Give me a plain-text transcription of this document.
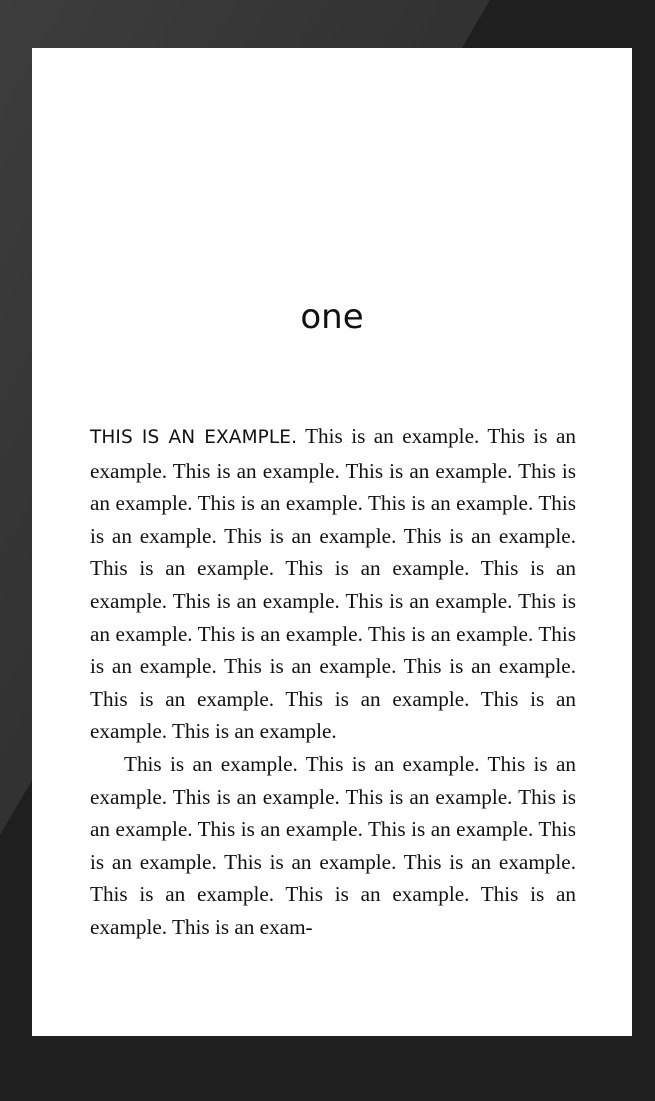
one

THIS IS AN EXAMPLE. This is an example. This is an example. This is an example. This is an example. This is an example. This is an example. This is an example. This is an example. This is an example. This is an example. This is an example. This is an example. This is an example. This is an example. This is an example. This is an example. This is an example. This is an example. This is an example. This is an example. This is an example. This is an example. This is an example. This is an example. This is an example.

This is an example. This is an example. This is an example. This is an example. This is an example. This is an example. This is an example. This is an example. This is an example. This is an example. This is an example. This is an example. This is an example. This is an example. This is an exam-
